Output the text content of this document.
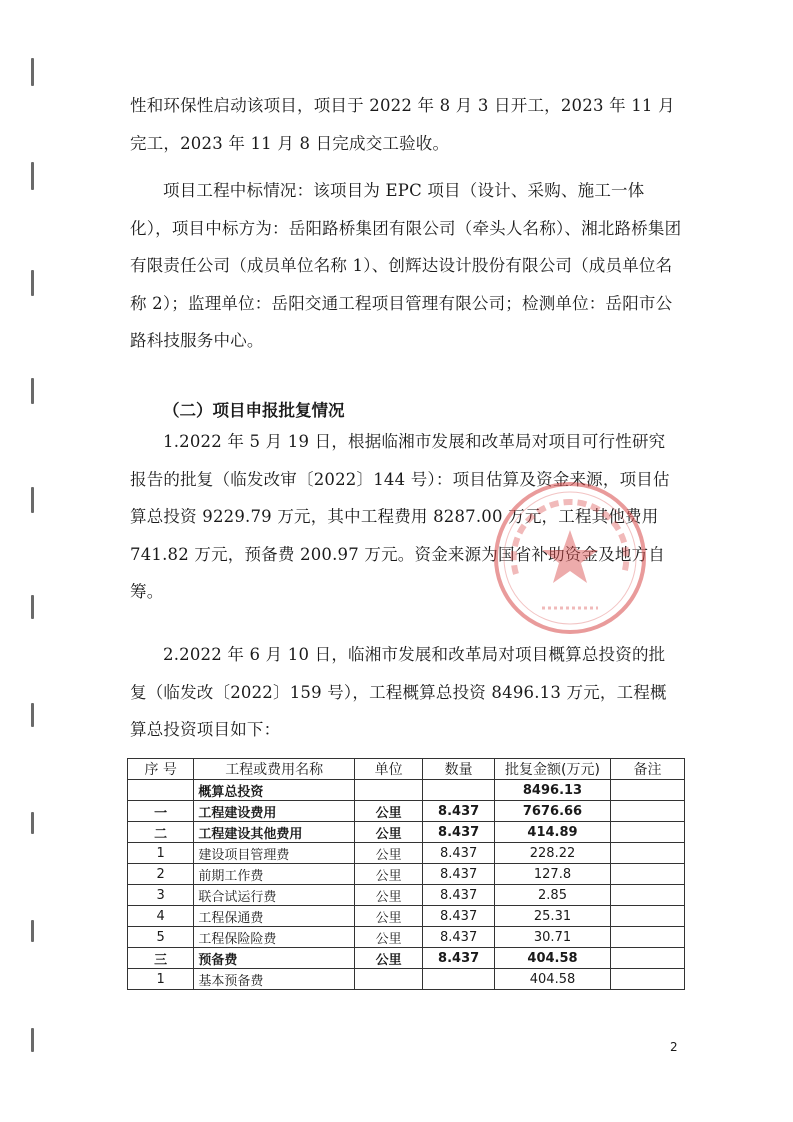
性和环保性启动该项目，项目于 2022 年 8 月 3 日开工，2023 年 11 月完工，2023 年 11 月 8 日完成交工验收。
项目工程中标情况：该项目为 EPC 项目（设计、采购、施工一体化），项目中标方为：岳阳路桥集团有限公司（牵头人名称）、湘北路桥集团有限责任公司（成员单位名称 1）、创辉达设计股份有限公司（成员单位名称 2）；监理单位：岳阳交通工程项目管理有限公司；检测单位：岳阳市公路科技服务中心。
（二）项目申报批复情况
1.2022 年 5 月 19 日，根据临湘市发展和改革局对项目可行性研究报告的批复（临发改审〔2022〕144 号）：项目估算及资金来源，项目估算总投资 9229.79 万元，其中工程费用 8287.00 万元，工程其他费用 741.82 万元，预备费 200.97 万元。资金来源为国省补助资金及地方自筹。
2.2022 年 6 月 10 日，临湘市发展和改革局对项目概算总投资的批复（临发改〔2022〕159 号），工程概算总投资 8496.13 万元，工程概算总投资项目如下：
序 号	工程或费用名称	单位	数量	批复金额(万元)	备注
	概算总投资			8496.13	
一	工程建设费用	公里	8.437	7676.66	
二	工程建设其他费用	公里	8.437	414.89	
1	建设项目管理费	公里	8.437	228.22	
2	前期工作费	公里	8.437	127.8	
3	联合试运行费	公里	8.437	2.85	
4	工程保通费	公里	8.437	25.31	
5	工程保险险费	公里	8.437	30.71	
三	预备费	公里	8.437	404.58	
1	基本预备费			404.58	
2
